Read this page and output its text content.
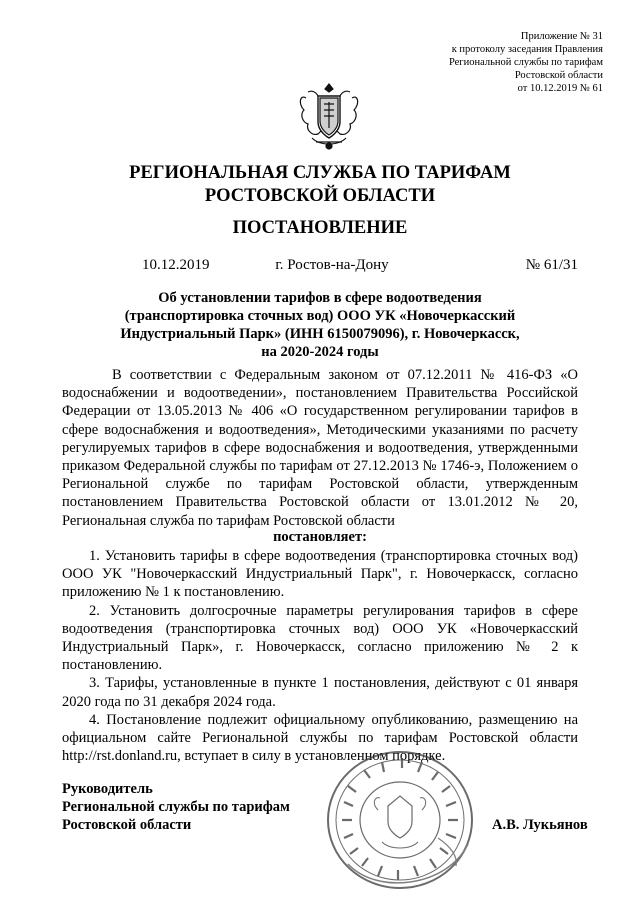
Приложение № 31
к протоколу заседания Правления
Региональной службы по тарифам
Ростовской области
от 10.12.2019 № 61
РЕГИОНАЛЬНАЯ СЛУЖБА ПО ТАРИФАМ
РОСТОВСКОЙ ОБЛАСТИ
ПОСТАНОВЛЕНИЕ
10.12.2019	г. Ростов-на-Дону	№ 61/31
Об установлении тарифов в сфере водоотведения
(транспортировка сточных вод) ООО УК «Новочеркасский
Индустриальный Парк» (ИНН 6150079096), г. Новочеркасск,
на 2020-2024 годы

В соответствии с Федеральным законом от 07.12.2011 № 416-ФЗ «О водоснабжении и водоотведении», постановлением Правительства Российской Федерации от 13.05.2013 № 406 «О государственном регулировании тарифов в сфере водоснабжения и водоотведения», Методическими указаниями по расчету регулируемых тарифов в сфере водоснабжения и водоотведения, утвержденными приказом Федеральной службы по тарифам от 27.12.2013 № 1746-э, Положением о Региональной службе по тарифам Ростовской области, утвержденным постановлением Правительства Ростовской области от 13.01.2012 № 20, Региональная служба по тарифам Ростовской области

постановляет:

1. Установить тарифы в сфере водоотведения (транспортировка сточных вод) ООО УК "Новочеркасский Индустриальный Парк", г. Новочеркасск, согласно приложению № 1 к постановлению.

2. Установить долгосрочные параметры регулирования тарифов в сфере водоотведения (транспортировка сточных вод) ООО УК «Новочеркасский Индустриальный Парк», г. Новочеркасск, согласно приложению № 2 к постановлению.

3. Тарифы, установленные в пункте 1 постановления, действуют с 01 января 2020 года по 31 декабря 2024 года.

4. Постановление подлежит официальному опубликованию, размещению на официальном сайте Региональной службы по тарифам Ростовской области http://rst.donland.ru, вступает в силу в установленном порядке.

Руководитель
Региональной службы по тарифам
Ростовской области	А.В. Лукьянов
